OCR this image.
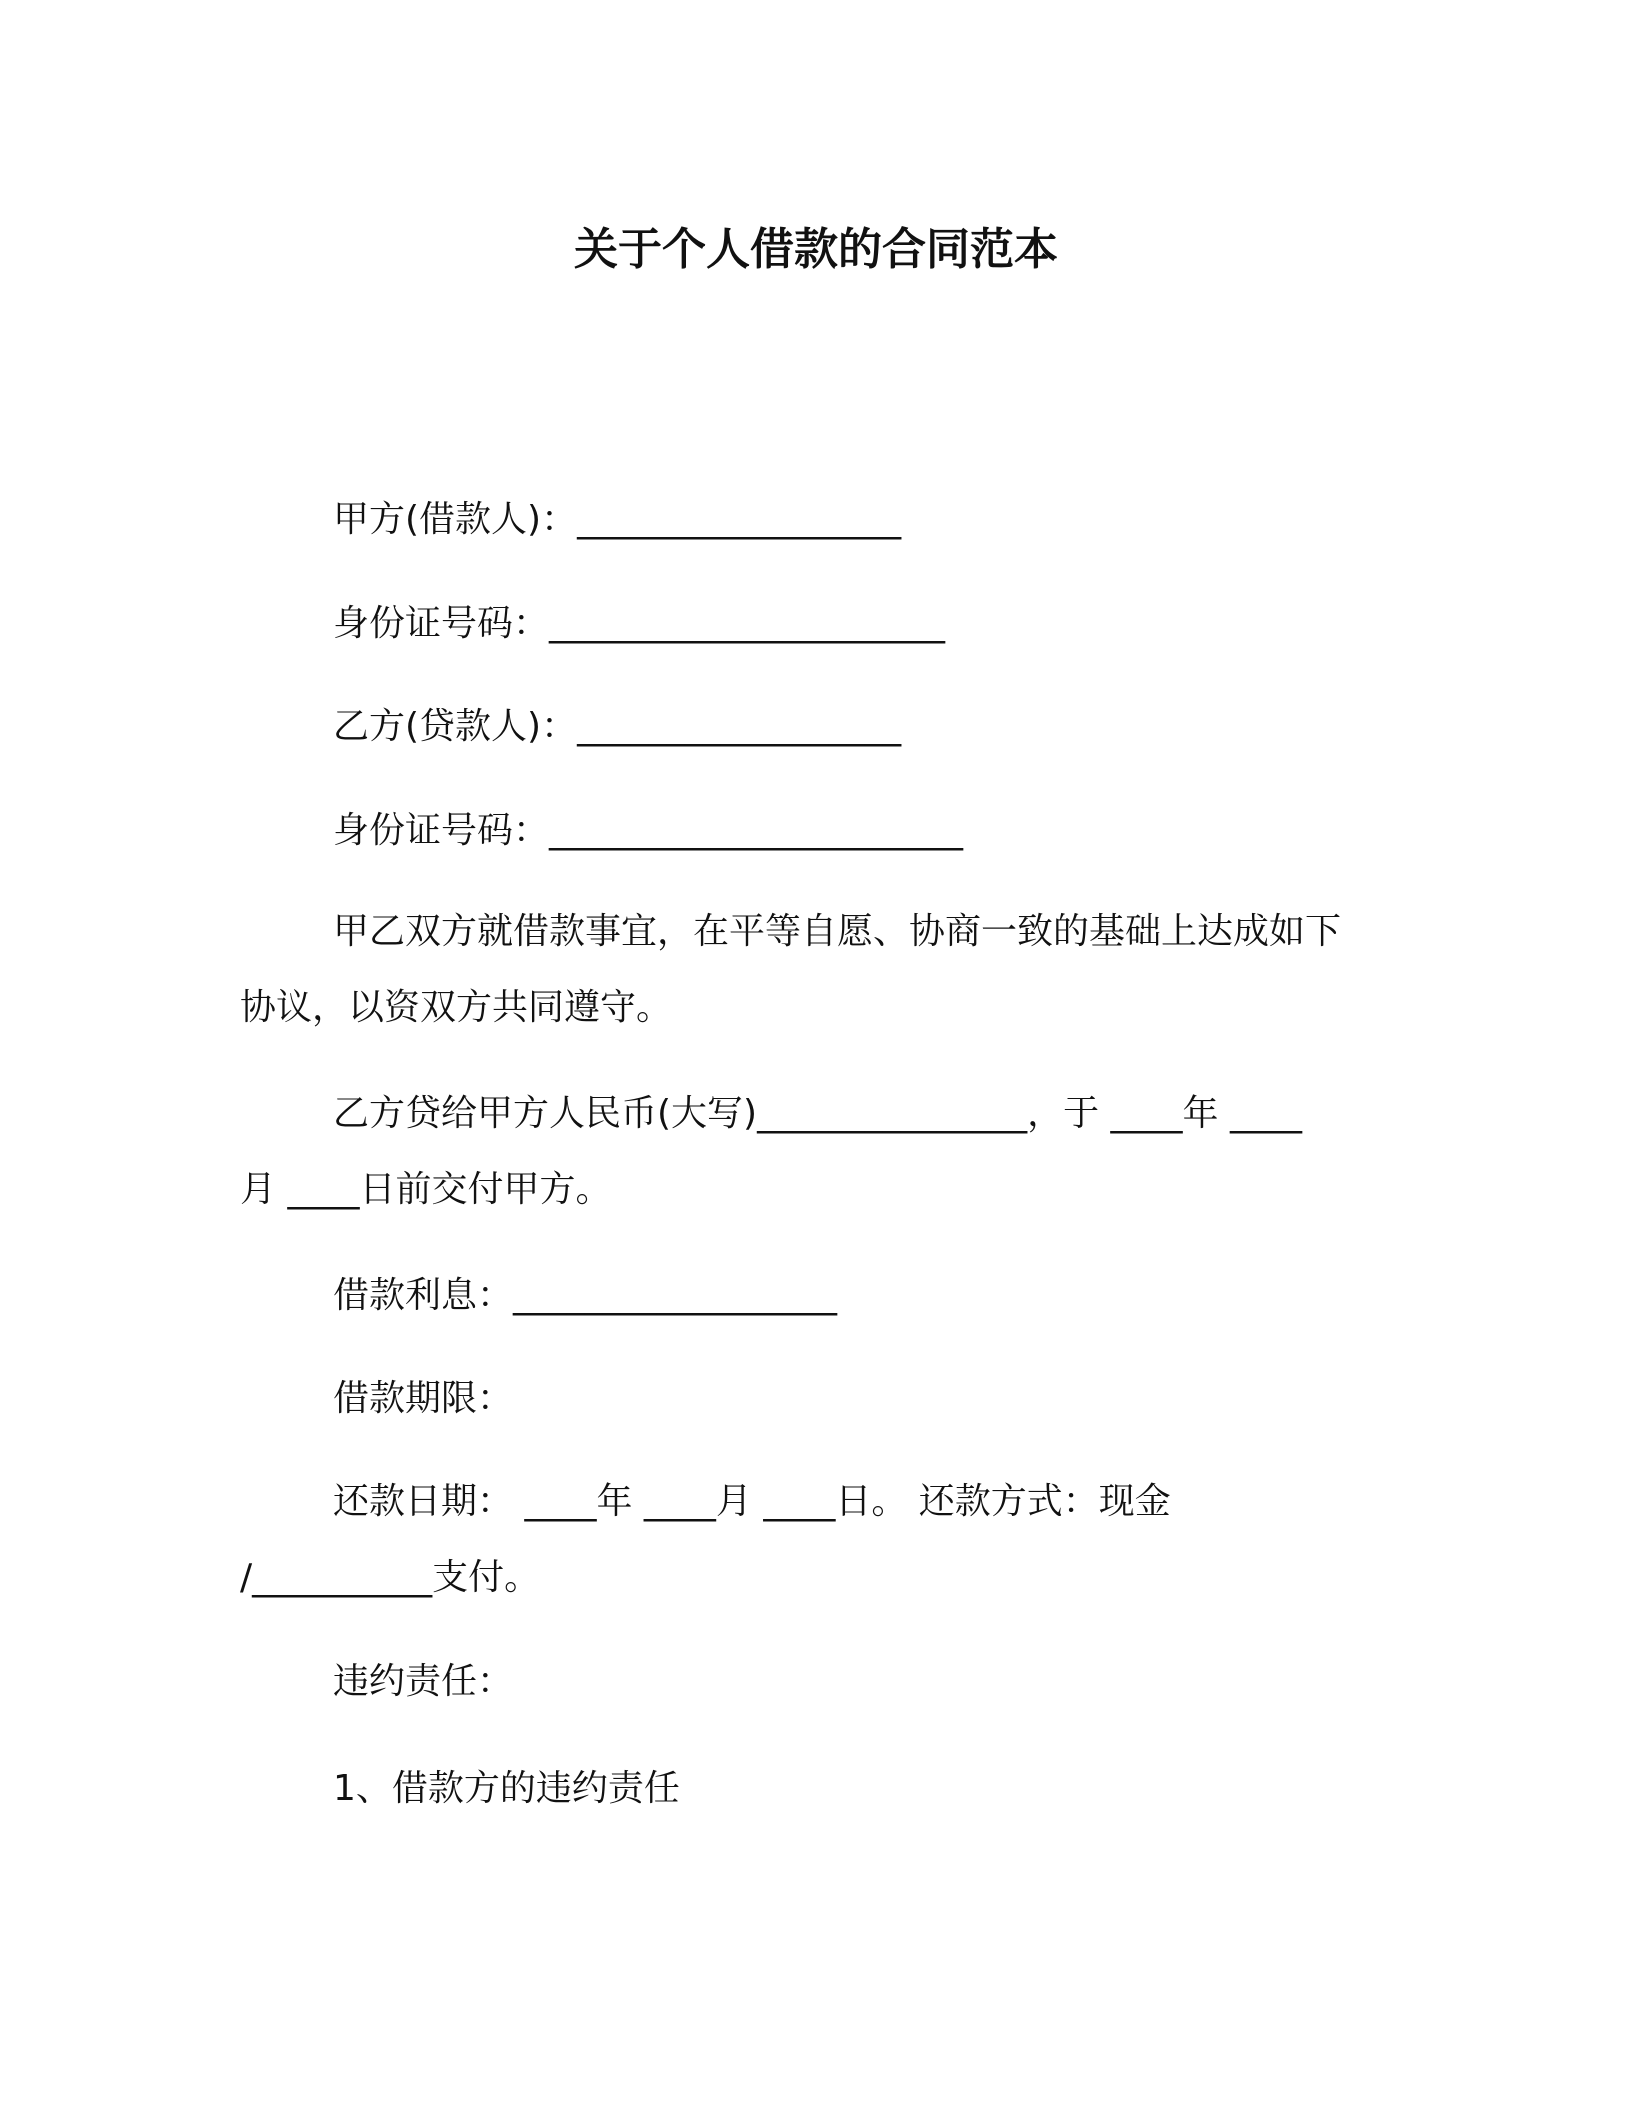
关于个人借款的合同范本
甲方(借款人)：__________________
身份证号码：______________________
乙方(贷款人)：__________________
身份证号码：_______________________
甲乙双方就借款事宜，在平等自愿、协商一致的基础上达成如下
协议，以资双方共同遵守。
乙方贷给甲方人民币(大写)_______________，于 ____年 ____
月 ____日前交付甲方。
借款利息：__________________
借款期限：
还款日期： ____年 ____月 ____日。 还款方式：现金
/__________支付。
违约责任：
1、借款方的违约责任
